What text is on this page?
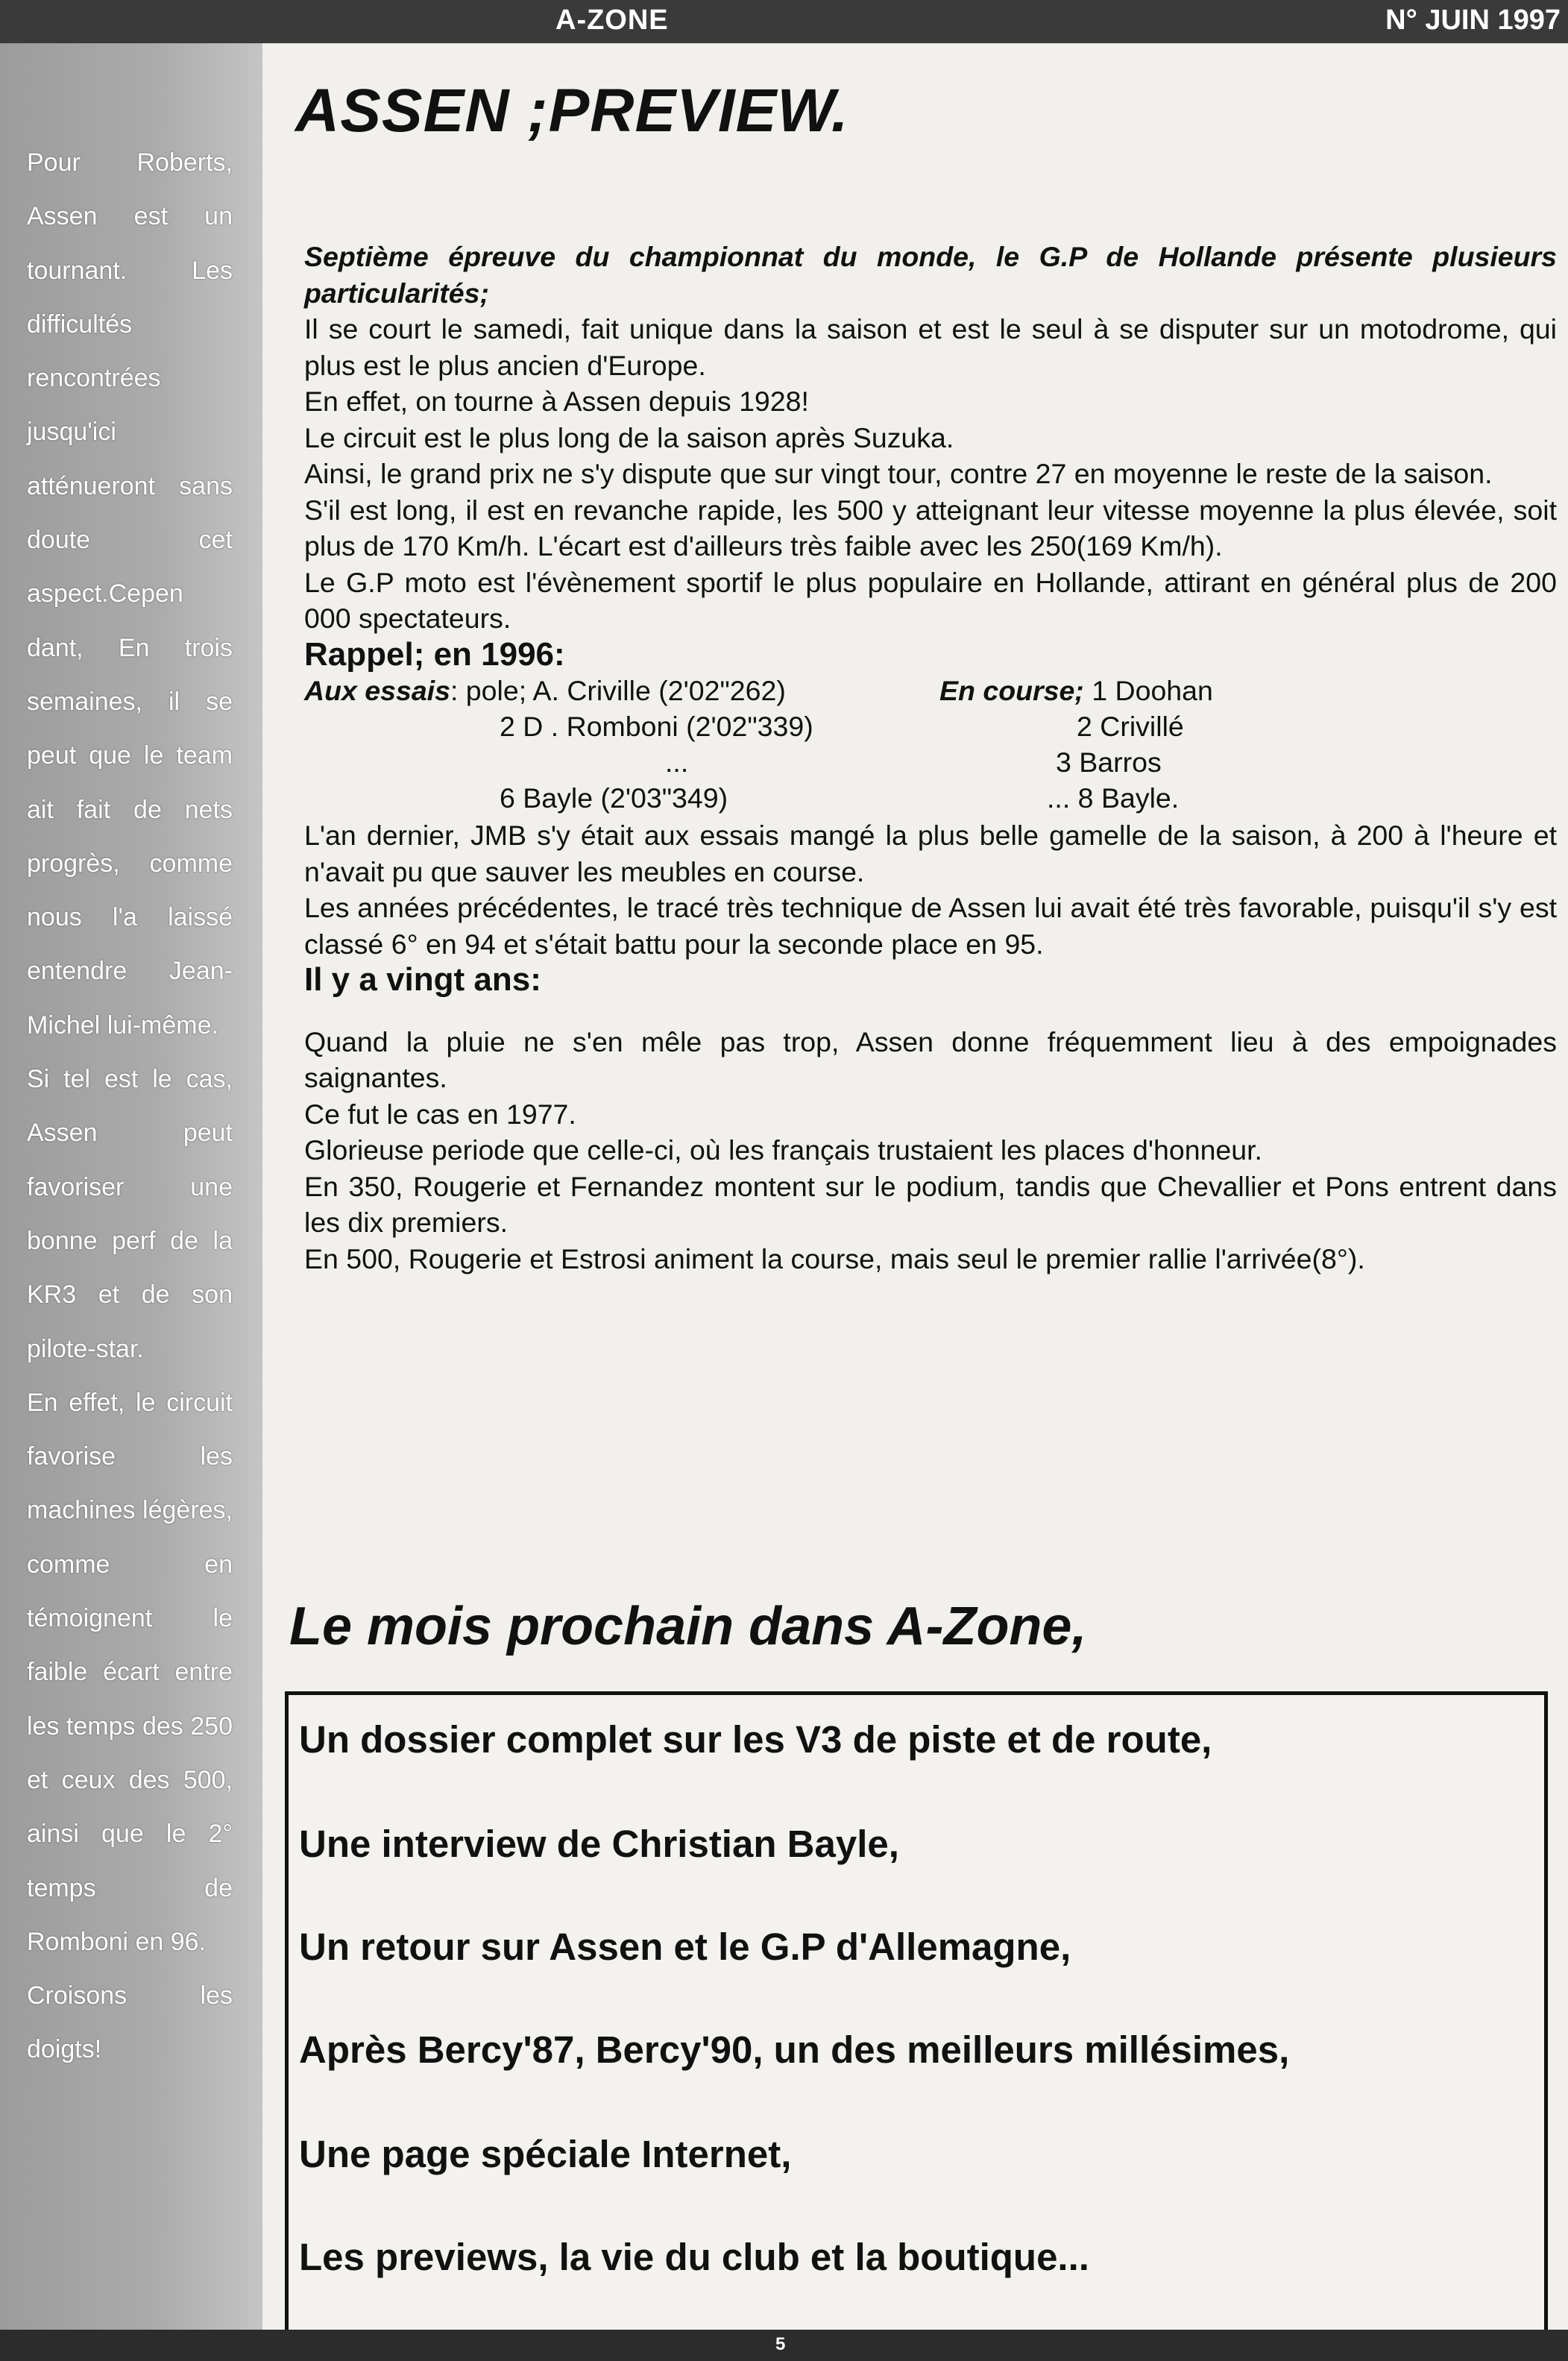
A-ZONE	N° JUIN 1997

Pour Roberts, Assen est un tournant. Les difficultés rencontrées jusqu'ici atténueront sans doute cet aspect.Cepen dant, En trois semaines, il se peut que le team ait fait de nets progrès, comme nous l'a laissé entendre Jean-Michel lui-même.

Si tel est le cas, Assen peut favoriser une bonne perf de la KR3 et de son pilote-star.

En effet, le circuit favorise les machines légères, comme en témoignent le faible écart entre les temps des 250 et ceux des 500, ainsi que le 2° temps de Romboni en 96.

Croisons les doigts!

ASSEN ;PREVIEW.

Septième épreuve du championnat du monde, le G.P de Hollande présente plusieurs particularités;

Il se court le samedi, fait unique dans la saison et est le seul à se disputer sur un motodrome, qui plus est le plus ancien d'Europe.

En effet, on tourne à Assen depuis 1928!

Le circuit est le plus long de la saison après Suzuka.

Ainsi, le grand prix ne s'y dispute que sur vingt tour, contre 27 en moyenne le reste de la saison.

S'il est long, il est en revanche rapide, les 500 y atteignant leur vitesse moyenne la plus élevée, soit plus de 170 Km/h. L'écart est d'ailleurs très faible avec les 250(169 Km/h).

Le G.P moto est l'évènement sportif le plus populaire en Hollande, attirant en général plus de 200 000 spectateurs.

Rappel; en 1996:

Aux essais: pole; A. Criville (2'02"262)
2 D . Romboni (2'02"339)
...
6 Bayle (2'03"349)
En course; 1 Doohan
2 Crivillé
3 Barros
... 8 Bayle.

L'an dernier, JMB s'y était aux essais mangé la plus belle gamelle de la saison, à 200 à l'heure et n'avait pu que sauver les meubles en course.

Les années précédentes, le tracé très technique de Assen lui avait été très favorable, puisqu'il s'y est classé 6° en 94 et s'était battu pour la seconde place en 95.

Il y a vingt ans:

Quand la pluie ne s'en mêle pas trop, Assen donne fréquemment lieu à des empoignades saignantes.

Ce fut le cas en 1977.

Glorieuse periode que celle-ci, où les français trustaient les places d'honneur.

En 350, Rougerie et Fernandez montent sur le podium, tandis que Chevallier et Pons entrent dans les dix premiers.

En 500, Rougerie et Estrosi animent la course, mais seul le premier rallie l'arrivée(8°).

Le mois prochain dans A-Zone,
Un dossier complet sur les V3 de piste et de route,
Une interview de Christian Bayle,
Un retour sur Assen et le G.P d'Allemagne,
Après Bercy'87, Bercy'90, un des meilleurs millésimes,
Une page spéciale Internet,
Les previews, la vie du club et la boutique...
5
